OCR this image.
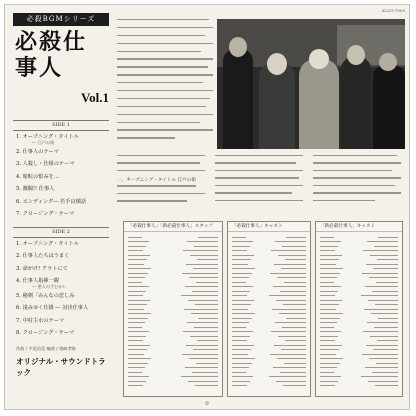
K22G-7009
必殺BGMシリーズ
必殺仕事人
Vol.1
SIDE 1
1. オープニング・タイトル
― 江戸の街
2. 仕事人のテーマ
3. 人殺し・仕組のテーマ
4. 暗転の恨みを…
5. 激闘!! 仕事人
6. エンディング― 若手良積話
7. クロージング・テーマ
SIDE 2
1. オープニング・タイトル
2. 仕事人たちはうまく
3. 命がけ! アラトにて
4. 仕事人指揮一観
― 悪人の手むかい
5. 秘剣「みんなの悲しみ
6. 浅みゆく仕掛 ― 対決仕事人
7. 中村主水のテーマ
8. クロージング・テーマ
作曲 / 平尾昌晃 編曲 / 竜崎孝路
オリジナル・サウンドトラック
一、オープニング・タイトル 江戸の街
「必殺仕事人」「新必殺仕事人」スタッフ	「必殺仕事人」キャスト	「新必殺仕事人」キャスト
①
